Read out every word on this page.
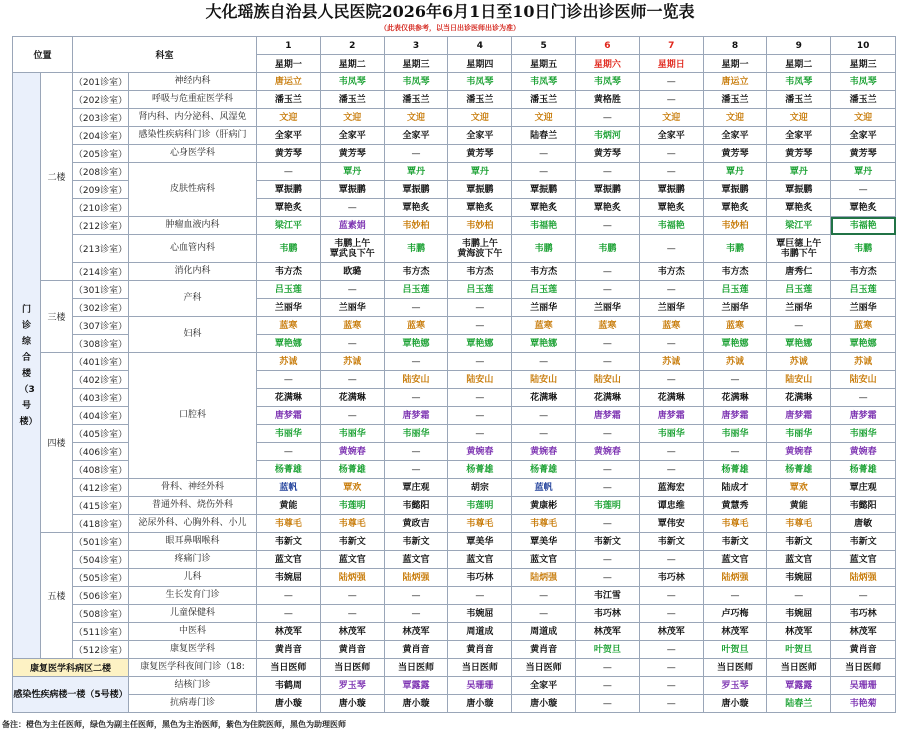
大化瑶族自治县人民医院2026年6月1日至10日门诊出诊医师一览表
（此表仅供参考，以当日出诊医师出诊为准）
位置		科室		1	2	3	4	5	6	7	8	9	10
				星期一	星期二	星期三	星期四	星期五	星期六	星期日	星期一	星期二	星期三
门诊综合楼（3号楼）	二楼	（201诊室）	神经内科	唐运立	韦凤琴	韦凤琴	韦凤琴	韦凤琴	韦凤琴	—	唐运立	韦凤琴	韦凤琴
		（202诊室）	呼吸与危重症医学科	潘玉兰	潘玉兰	潘玉兰	潘玉兰	潘玉兰	黄格胜	—	潘玉兰	潘玉兰	潘玉兰
		（203诊室）	肾内科、内分泌科、风湿免	文迎	文迎	文迎	文迎	文迎	—	文迎	文迎	文迎	文迎
		（204诊室）	感染性疾病科门诊（肝病门	全家平	全家平	全家平	全家平	陆春兰	韦炳河	全家平	全家平	全家平	全家平
		（205诊室）	心身医学科	黄芳琴	黄芳琴	—	黄芳琴	—	黄芳琴	—	黄芳琴	黄芳琴	黄芳琴
		（208诊室）	皮肤性病科	—	覃丹	覃丹	覃丹	—	—	—	覃丹	覃丹	覃丹
		（209诊室）		覃振鹏	覃振鹏	覃振鹏	覃振鹏	覃振鹏	覃振鹏	覃振鹏	覃振鹏	覃振鹏	—
		（210诊室）		覃艳炙	—	覃艳炙	覃艳炙	覃艳炙	覃艳炙	覃艳炙	覃艳炙	覃艳炙	覃艳炙
		（212诊室）	肿瘤血液内科	梁江平	蓝素娟	韦妙柏	韦妙柏	韦福艳	—	韦福艳	韦妙柏	梁江平	韦福艳
		（213诊室）	心血管内科	韦鹏	韦鹏上午
覃武良下午	韦鹏	韦鹏上午
黄海波下午	韦鹏	韦鹏	—	韦鹏	覃巨德上午
韦鹏下午	韦鹏
		（214诊室）	消化内科	韦方杰	欧璐	韦方杰	韦方杰	韦方杰	—	韦方杰	韦方杰	唐秀仁	韦方杰
	三楼	（301诊室）	产科	吕玉莲	—	吕玉莲	吕玉莲	吕玉莲	—	—	吕玉莲	吕玉莲	吕玉莲
		（302诊室）		兰丽华	兰丽华	—	—	兰丽华	兰丽华	兰丽华	兰丽华	兰丽华	兰丽华
		（307诊室）	妇科	蓝寒	蓝寒	蓝寒	—	蓝寒	蓝寒	蓝寒	蓝寒	—	蓝寒
		（308诊室）		覃艳娜	—	覃艳娜	覃艳娜	覃艳娜	—	—	覃艳娜	覃艳娜	覃艳娜
	四楼	（401诊室）	口腔科	苏诚	苏诚	—	—	—	—	苏诚	苏诚	苏诚	苏诚
		（402诊室）		—	—	陆安山	陆安山	陆安山	陆安山	—	—	陆安山	陆安山
		（403诊室）		花满琳	花满琳	—	—	花满琳	花满琳	花满琳	花满琳	花满琳	—
		（404诊室）		唐梦霜	—	唐梦霜	—	—	唐梦霜	唐梦霜	唐梦霜	唐梦霜	唐梦霜
		（405诊室）		韦丽华	韦丽华	韦丽华	—	—	—	韦丽华	韦丽华	韦丽华	韦丽华
		（406诊室）		—	黄婉春	—	黄婉春	黄婉春	黄婉春	—	—	黄婉春	黄婉春
		（408诊室）		杨菁雄	杨菁雄	—	杨菁雄	杨菁雄	—	—	杨菁雄	杨菁雄	杨菁雄
		（412诊室）	骨科、神经外科	蓝帆	覃欢	覃庄观	胡宗	蓝帆	—	蓝海宏	陆成才	覃欢	覃庄观
		（415诊室）	普通外科、烧伤外科	黄能	韦莲明	韦懿阳	韦莲明	黄康彬	韦莲明	谭忠维	黄慧秀	黄能	韦懿阳
		（418诊室）	泌尿外科、心胸外科、小儿	韦尊毛	韦尊毛	黄政吉	韦尊毛	韦尊毛	—	覃伟安	韦尊毛	韦尊毛	唐敏
	五楼	（501诊室）	眼耳鼻咽喉科	韦新文	韦新文	韦新文	覃美华	覃美华	韦新文	韦新文	韦新文	韦新文	韦新文
		（504诊室）	疼痛门诊	蓝文官	蓝文官	蓝文官	蓝文官	蓝文官	—	—	蓝文官	蓝文官	蓝文官
		（505诊室）	儿科	韦婉屈	陆炳强	陆炳强	韦巧林	陆炳强	—	韦巧林	陆炳强	韦婉屈	陆炳强
		（506诊室）	生长发育门诊	—	—	—	—	—	韦江雪	—	—	—	—
		（508诊室）	儿童保健科	—	—	—	韦婉屈	—	韦巧林	—	卢巧梅	韦婉屈	韦巧林
		（511诊室）	中医科	林茂军	林茂军	林茂军	周道成	周道成	林茂军	林茂军	林茂军	林茂军	林茂军
		（512诊室）	康复医学科	黄肖音	黄肖音	黄肖音	黄肖音	黄肖音	叶贺旦	—	叶贺旦	叶贺旦	黄肖音
康复医学科病区二楼			康复医学科夜间门诊（18:	当日医师	当日医师	当日医师	当日医师	当日医师	—	—	当日医师	当日医师	当日医师
感染性疾病楼一楼（5号楼）			结核门诊	韦鹤周	罗玉琴	覃露露	吴珊珊	全家平	—	—	罗玉琴	覃露露	吴珊珊
			抗病毒门诊	唐小璇	唐小璇	唐小璇	唐小璇	唐小璇	—	—	唐小璇	陆春兰	韦艳菊
备注：橙色为主任医师，绿色为副主任医师，黑色为主治医师，紫色为住院医师，黑色为助理医师
